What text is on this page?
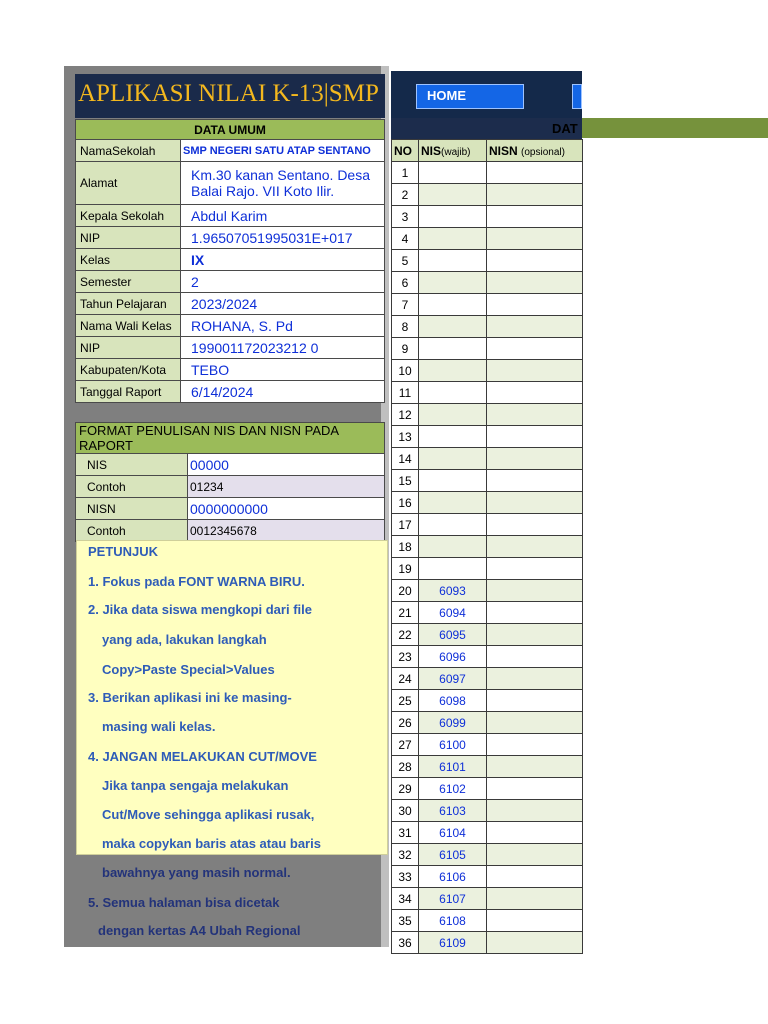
APLIKASI NILAI K-13|SMP	HOME
DAT
DATA UMUM	
NamaSekolah	SMP NEGERI SATU ATAP SENTANO
Alamat	Km.30 kanan Sentano. Desa Balai Rajo. VII Koto Ilir.
Kepala Sekolah	Abdul Karim
NIP	1.96507051995031E+017
Kelas	IX
Semester	2
Tahun Pelajaran	2023/2024
Nama Wali Kelas	ROHANA, S. Pd
NIP	199001172023212 0
Kabupaten/Kota	TEBO
Tanggal Raport	6/14/2024
FORMAT PENULISAN NIS DAN NISN PADA RAPORT	
NIS	00000
Contoh	01234
NISN	0000000000
Contoh	0012345678
PETUNJUK
1. Fokus pada FONT WARNA BIRU.
2. Jika data siswa mengkopi dari file
yang ada, lakukan langkah
Copy>Paste Special>Values
3. Berikan aplikasi ini ke masing-
masing wali kelas.
4. JANGAN MELAKUKAN CUT/MOVE
Jika tanpa sengaja melakukan
Cut/Move sehingga aplikasi rusak,
maka copykan baris atas atau baris
bawahnya yang masih normal.
5. Semua halaman bisa dicetak
dengan kertas A4 Ubah Regional
NO	NIS(wajib)	NISN (opsional)
1		
2		
3		
4		
5		
6		
7		
8		
9		
10		
11		
12		
13		
14		
15		
16		
17		
18		
19		
20	6093	
21	6094	
22	6095	
23	6096	
24	6097	
25	6098	
26	6099	
27	6100	
28	6101	
29	6102	
30	6103	
31	6104	
32	6105	
33	6106	
34	6107	
35	6108	
36	6109	
